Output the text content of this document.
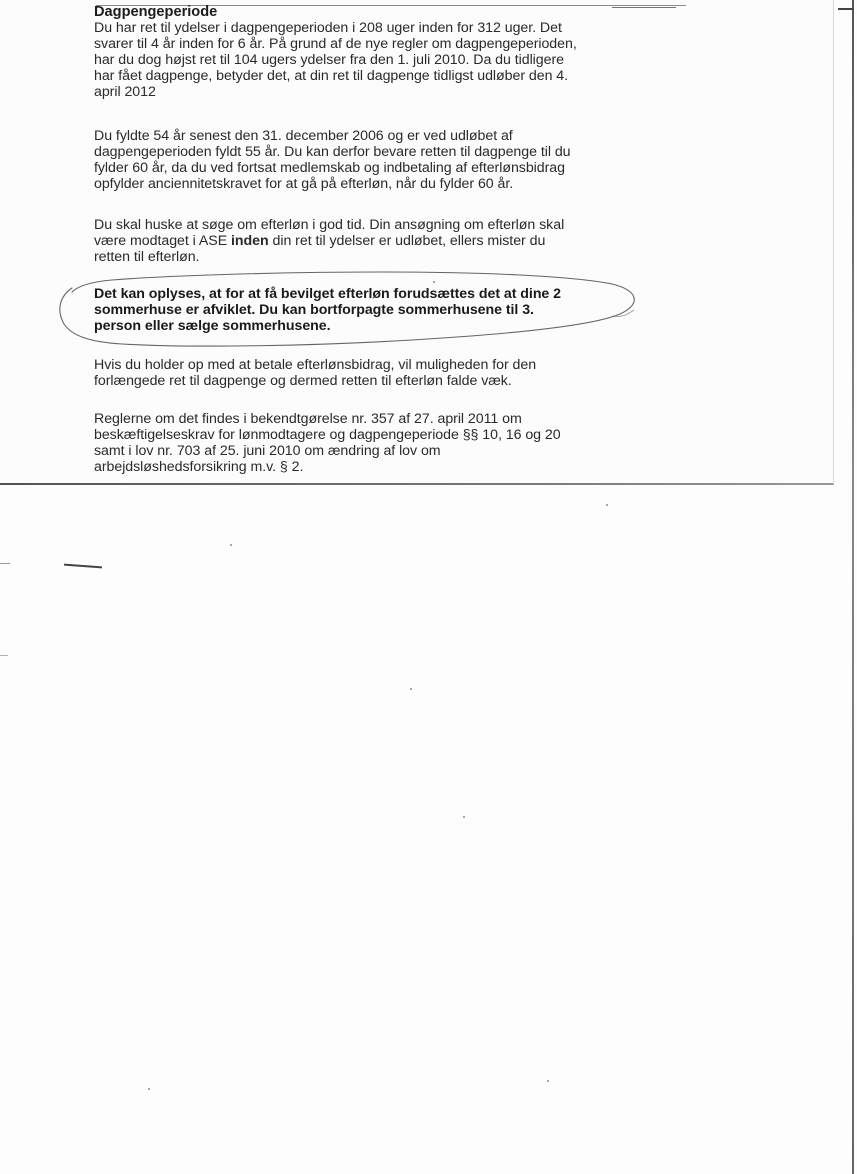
Dagpengeperiode

Du har ret til ydelser i dagpengeperioden i 208 uger inden for 312 uger. Det
svarer til 4 år inden for 6 år. På grund af de nye regler om dagpengeperioden,
har du dog højst ret til 104 ugers ydelser fra den 1. juli 2010. Da du tidligere
har fået dagpenge, betyder det, at din ret til dagpenge tidligst udløber den 4.
april 2012

Du fyldte 54 år senest den 31. december 2006 og er ved udløbet af
dagpengeperioden fyldt 55 år. Du kan derfor bevare retten til dagpenge til du
fylder 60 år, da du ved fortsat medlemskab og indbetaling af efterlønsbidrag
opfylder anciennitetskravet for at gå på efterløn, når du fylder 60 år.

Du skal huske at søge om efterløn i god tid. Din ansøgning om efterløn skal
være modtaget i ASE inden din ret til ydelser er udløbet, ellers mister du
retten til efterløn.

Det kan oplyses, at for at få bevilget efterløn forudsættes det at dine 2
sommerhuse er afviklet. Du kan bortforpagte sommerhusene til 3.
person eller sælge sommerhusene.

Hvis du holder op med at betale efterlønsbidrag, vil muligheden for den
forlængede ret til dagpenge og dermed retten til efterløn falde væk.

Reglerne om det findes i bekendtgørelse nr. 357 af 27. april 2011 om
beskæftigelseskrav for lønmodtagere og dagpengeperiode §§ 10, 16 og 20
samt i lov nr. 703 af 25. juni 2010 om ændring af lov om
arbejdsløshedsforsikring m.v. § 2.
